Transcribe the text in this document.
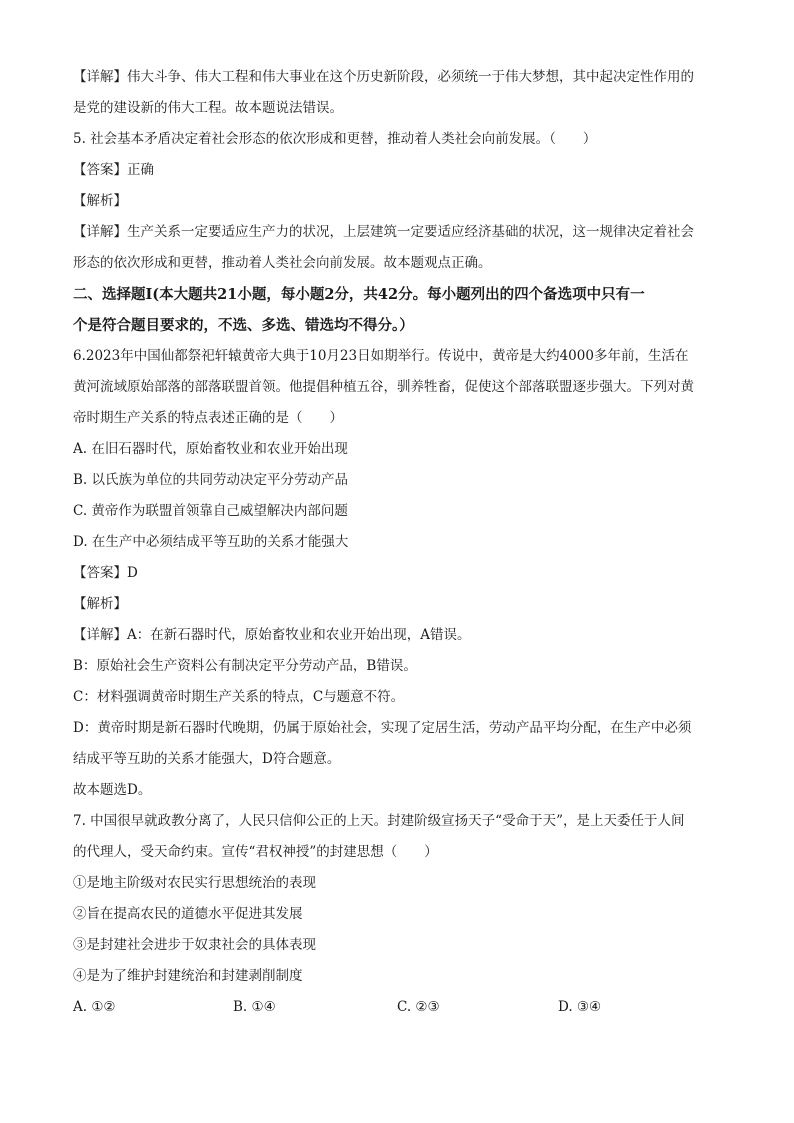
【详解】伟大斗争、伟大工程和伟大事业在这个历史新阶段，必须统一于伟大梦想，其中起决定性作用的
是党的建设新的伟大工程。故本题说法错误。
5. 社会基本矛盾决定着社会形态的依次形成和更替，推动着人类社会向前发展。（　　）
【答案】正确
【解析】
【详解】生产关系一定要适应生产力的状况，上层建筑一定要适应经济基础的状况，这一规律决定着社会
形态的依次形成和更替，推动着人类社会向前发展。故本题观点正确。
二、选择题Ⅰ(本大题共21小题，每小题2分，共42分。每小题列出的四个备选项中只有一
个是符合题目要求的，不选、多选、错选均不得分。）
6.2023年中国仙都祭祀轩辕黄帝大典于10月23日如期举行。传说中，黄帝是大约4000多年前，生活在
黄河流域原始部落的部落联盟首领。他提倡种植五谷，驯养牲畜，促使这个部落联盟逐步强大。下列对黄
帝时期生产关系的特点表述正确的是（　　）
A. 在旧石器时代，原始畜牧业和农业开始出现
B. 以氏族为单位的共同劳动决定平分劳动产品
C. 黄帝作为联盟首领靠自己威望解决内部问题
D. 在生产中必须结成平等互助的关系才能强大
【答案】D
【解析】
【详解】A：在新石器时代，原始畜牧业和农业开始出现，A错误。
B：原始社会生产资料公有制决定平分劳动产品，B错误。
C：材料强调黄帝时期生产关系的特点，C与题意不符。
D：黄帝时期是新石器时代晚期，仍属于原始社会，实现了定居生活，劳动产品平均分配，在生产中必须
结成平等互助的关系才能强大，D符合题意。
故本题选D。
7. 中国很早就政教分离了，人民只信仰公正的上天。封建阶级宣扬天子“受命于天”，是上天委任于人间
的代理人，受天命约束。宣传“君权神授”的封建思想（　　）
①是地主阶级对农民实行思想统治的表现
②旨在提高农民的道德水平促进其发展
③是封建社会进步于奴隶社会的具体表现
④是为了维护封建统治和封建剥削制度
A. ①②	B. ①④	C. ②③	D. ③④
